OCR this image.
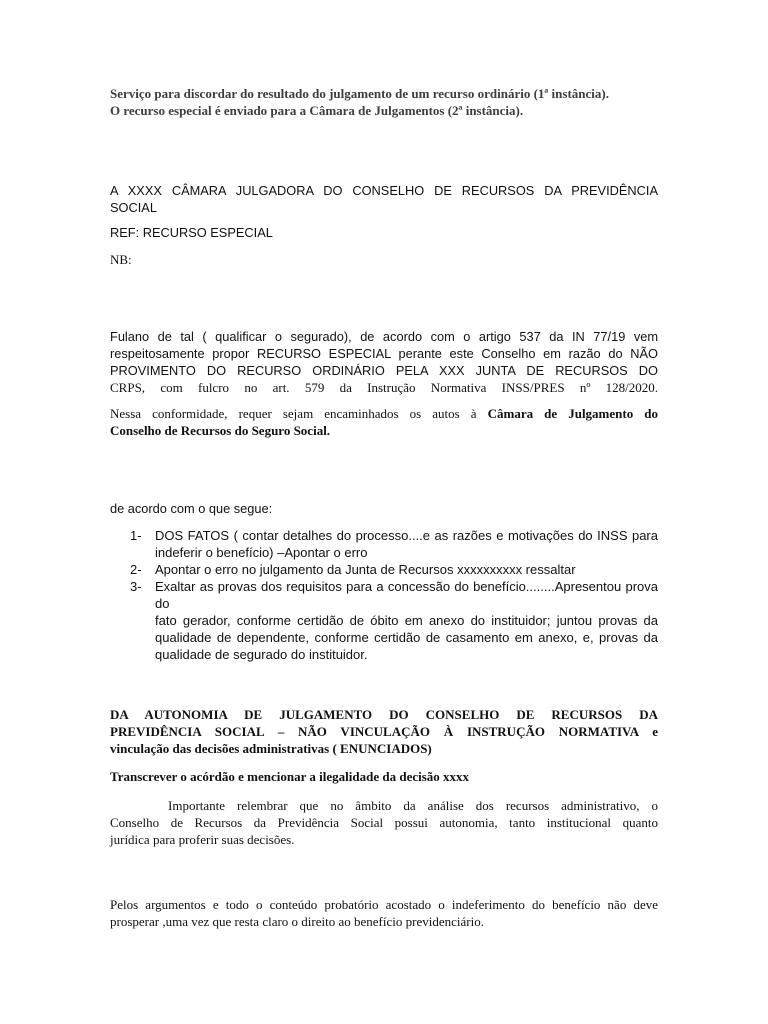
Serviço para discordar do resultado do julgamento de um recurso ordinário (1ª instância).
O recurso especial é enviado para a Câmara de Julgamentos (2ª instância).
A XXXX CÂMARA JULGADORA DO CONSELHO DE RECURSOS DA PREVIDÊNCIA
SOCIAL
REF: RECURSO ESPECIAL
NB:
Fulano de tal ( qualificar o segurado), de acordo com o artigo 537 da IN 77/19 vem
respeitosamente propor RECURSO ESPECIAL perante este Conselho em razão do NÃO
PROVIMENTO DO RECURSO ORDINÁRIO PELA XXX JUNTA DE RECURSOS DO
CRPS, com fulcro no art. 579 da Instrução Normativa INSS/PRES nº 128/2020.
Nessa conformidade, requer sejam encaminhados os autos à Câmara de Julgamento do
Conselho de Recursos do Seguro Social.
de acordo com o que segue:
1- DOS FATOS ( contar detalhes do processo....e as razões e motivações do INSS para
indeferir o benefício) –Apontar o erro
2- Apontar o erro no julgamento da Junta de Recursos xxxxxxxxxx ressaltar
3- Exaltar as provas dos requisitos para a concessão do benefício........Apresentou prova do
fato gerador, conforme certidão de óbito em anexo do instituidor; juntou provas da
qualidade de dependente, conforme certidão de casamento em anexo, e, provas da
qualidade de segurado do instituidor.
DA AUTONOMIA DE JULGAMENTO DO CONSELHO DE RECURSOS DA
PREVIDÊNCIA SOCIAL – NÃO VINCULAÇÃO À INSTRUÇÃO NORMATIVA e
vinculação das decisões administrativas ( ENUNCIADOS)
Transcrever o acórdão e mencionar a ilegalidade da decisão xxxx
Importante relembrar que no âmbito da análise dos recursos administrativo, o
Conselho de Recursos da Previdência Social possui autonomia, tanto institucional quanto
jurídica para proferir suas decisões.
Pelos argumentos e todo o conteúdo probatório acostado o indeferimento do benefício não deve
prosperar ,uma vez que resta claro o direito ao benefício previdenciário.
